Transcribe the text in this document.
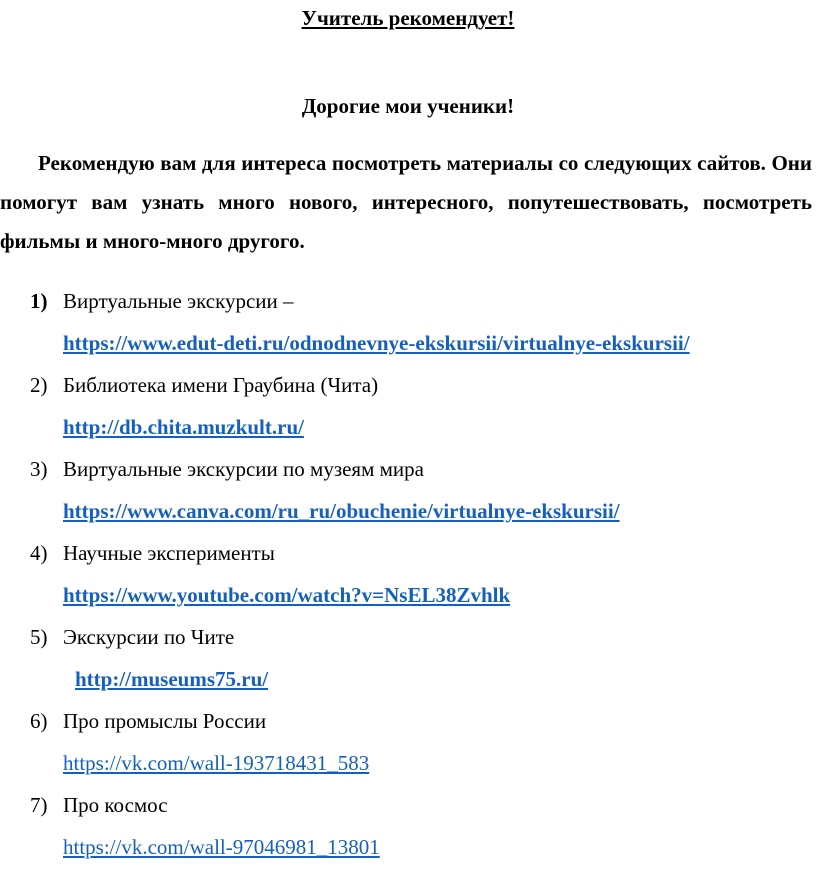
Учитель рекомендует!
Дорогие мои ученики!

Рекомендую вам для интереса посмотреть материалы со следующих сайтов. Они помогут вам узнать много нового, интересного, попутешествовать, посмотреть фильмы и много-много другого.

1) Виртуальные экскурсии –
https://www.edut-deti.ru/odnodnevnye-ekskursii/virtualnye-ekskursii/
2) Библиотека имени Граубина (Чита)
http://db.chita.muzkult.ru/
3) Виртуальные экскурсии по музеям мира
https://www.canva.com/ru_ru/obuchenie/virtualnye-ekskursii/
4) Научные эксперименты
https://www.youtube.com/watch?v=NsEL38Zvhlk
5) Экскурсии по Чите
http://museums75.ru/
6) Про промыслы России
https://vk.com/wall-193718431_583
7) Про космос
https://vk.com/wall-97046981_13801
